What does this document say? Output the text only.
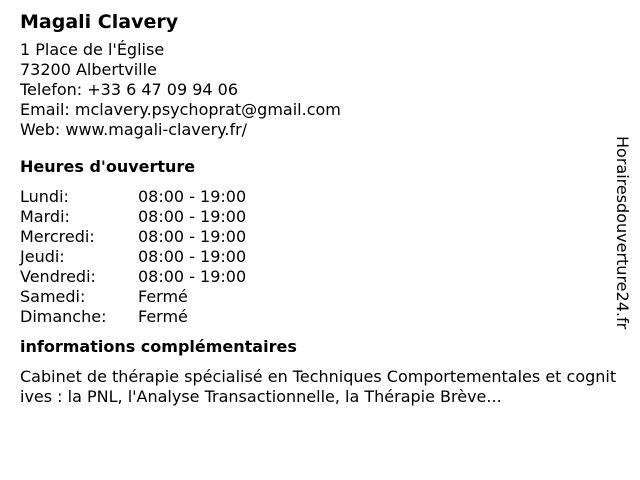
Magali Clavery
1 Place de l'Église
73200 Albertville
Telefon: +33 6 47 09 94 06
Email: mclavery.psychoprat@gmail.com
Web: www.magali-clavery.fr/
Heures d'ouverture
Lundi:	08:00 - 19:00
Mardi:	08:00 - 19:00
Mercredi:	08:00 - 19:00
Jeudi:	08:00 - 19:00
Vendredi:	08:00 - 19:00
Samedi:	Fermé
Dimanche:	Fermé
informations complémentaires
Cabinet de thérapie spécialisé en Techniques Comportementales et cognitives : la PNL, l'Analyse Transactionnelle, la Thérapie Brève...
Horairesdouverture24.fr
